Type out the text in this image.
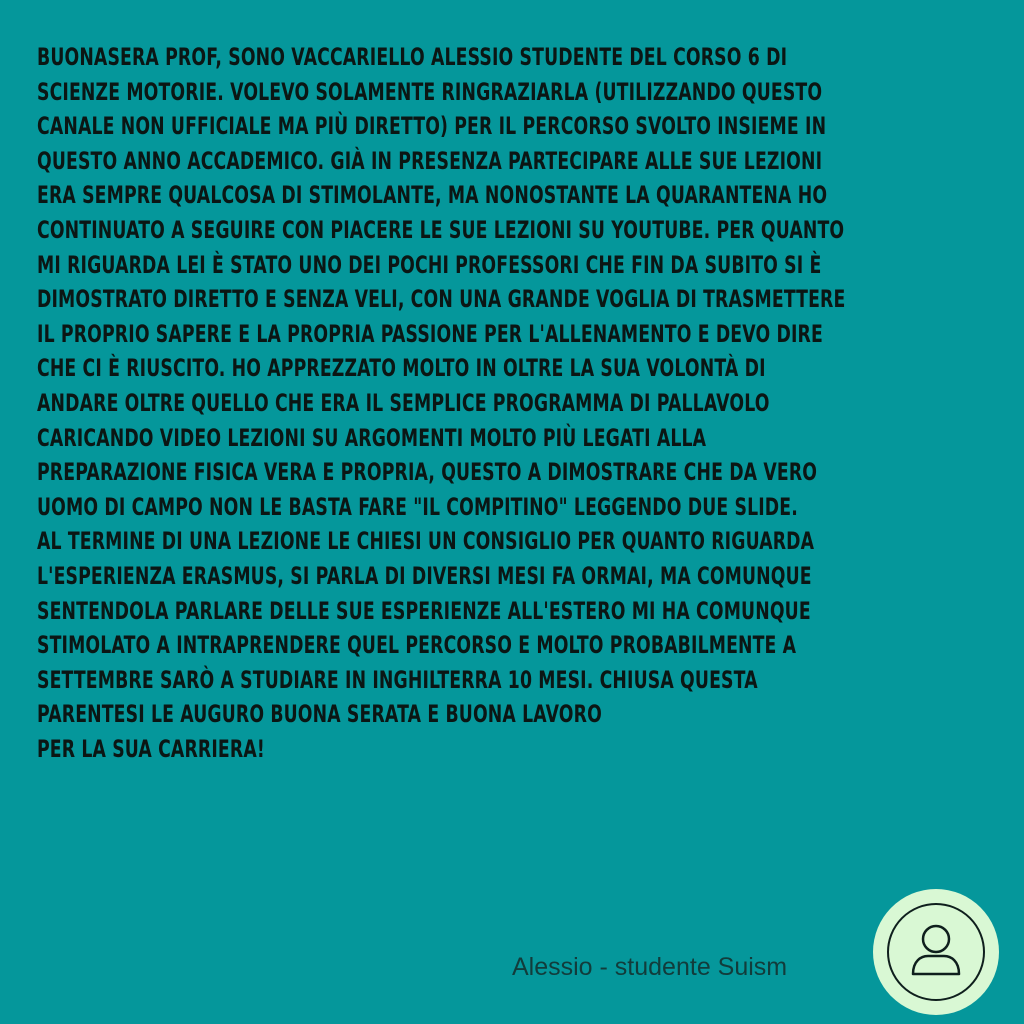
BUONASERA PROF, SONO VACCARIELLO ALESSIO STUDENTE DEL CORSO 6 DI
SCIENZE MOTORIE. VOLEVO SOLAMENTE RINGRAZIARLA (UTILIZZANDO QUESTO
CANALE NON UFFICIALE MA PIÙ DIRETTO) PER IL PERCORSO SVOLTO INSIEME IN
QUESTO ANNO ACCADEMICO. GIÀ IN PRESENZA PARTECIPARE ALLE SUE LEZIONI
ERA SEMPRE QUALCOSA DI STIMOLANTE, MA NONOSTANTE LA QUARANTENA HO
CONTINUATO A SEGUIRE CON PIACERE LE SUE LEZIONI SU YOUTUBE. PER QUANTO
MI RIGUARDA LEI È STATO UNO DEI POCHI PROFESSORI CHE FIN DA SUBITO SI È
DIMOSTRATO DIRETTO E SENZA VELI, CON UNA GRANDE VOGLIA DI TRASMETTERE
IL PROPRIO SAPERE E LA PROPRIA PASSIONE PER L'ALLENAMENTO E DEVO DIRE
CHE CI È RIUSCITO. HO APPREZZATO MOLTO IN OLTRE LA SUA VOLONTÀ DI
ANDARE OLTRE QUELLO CHE ERA IL SEMPLICE PROGRAMMA DI PALLAVOLO
CARICANDO VIDEO LEZIONI SU ARGOMENTI MOLTO PIÙ LEGATI ALLA
PREPARAZIONE FISICA VERA E PROPRIA, QUESTO A DIMOSTRARE CHE DA VERO
UOMO DI CAMPO NON LE BASTA FARE "IL COMPITINO" LEGGENDO DUE SLIDE.
AL TERMINE DI UNA LEZIONE LE CHIESI UN CONSIGLIO PER QUANTO RIGUARDA
L'ESPERIENZA ERASMUS, SI PARLA DI DIVERSI MESI FA ORMAI, MA COMUNQUE
SENTENDOLA PARLARE DELLE SUE ESPERIENZE ALL'ESTERO MI HA COMUNQUE
STIMOLATO A INTRAPRENDERE QUEL PERCORSO E MOLTO PROBABILMENTE A
SETTEMBRE SARÒ A STUDIARE IN INGHILTERRA 10 MESI. CHIUSA QUESTA
PARENTESI LE AUGURO BUONA SERATA E BUONA LAVORO
PER LA SUA CARRIERA!
Alessio - studente Suism
